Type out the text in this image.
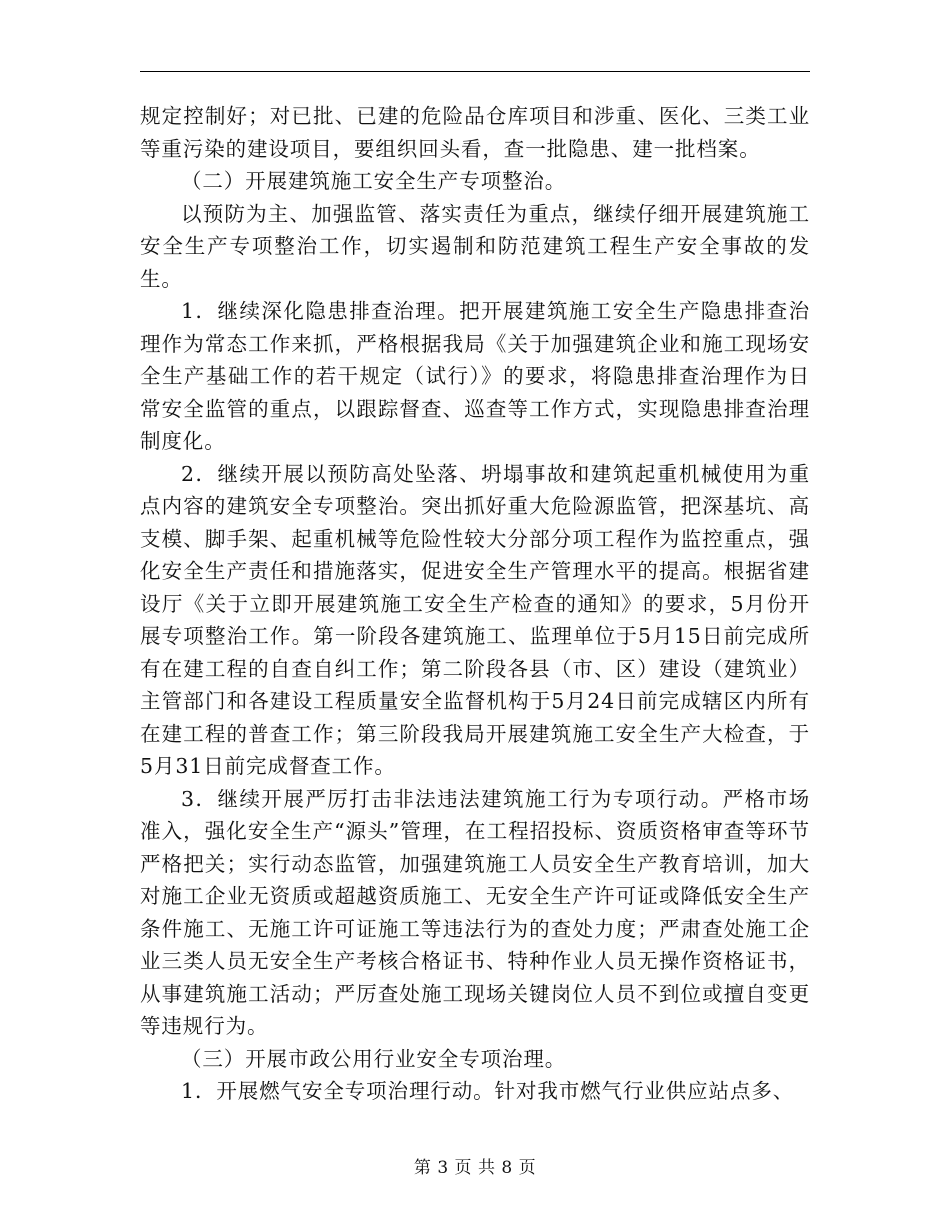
规定控制好；对已批、已建的危险品仓库项目和涉重、医化、三类工业等重污染的建设项目，要组织回头看，查一批隐患、建一批档案。

（二）开展建筑施工安全生产专项整治。

以预防为主、加强监管、落实责任为重点，继续仔细开展建筑施工安全生产专项整治工作，切实遏制和防范建筑工程生产安全事故的发生。

1．继续深化隐患排查治理。把开展建筑施工安全生产隐患排查治理作为常态工作来抓，严格根据我局《关于加强建筑企业和施工现场安全生产基础工作的若干规定（试行）》的要求，将隐患排查治理作为日常安全监管的重点，以跟踪督查、巡查等工作方式，实现隐患排查治理制度化。

2．继续开展以预防高处坠落、坍塌事故和建筑起重机械使用为重点内容的建筑安全专项整治。突出抓好重大危险源监管，把深基坑、高支模、脚手架、起重机械等危险性较大分部分项工程作为监控重点，强化安全生产责任和措施落实，促进安全生产管理水平的提高。根据省建设厅《关于立即开展建筑施工安全生产检查的通知》的要求，5月份开展专项整治工作。第一阶段各建筑施工、监理单位于5月15日前完成所有在建工程的自查自纠工作；第二阶段各县（市、区）建设（建筑业）主管部门和各建设工程质量安全监督机构于5月24日前完成辖区内所有在建工程的普查工作；第三阶段我局开展建筑施工安全生产大检查，于5月31日前完成督查工作。

3．继续开展严厉打击非法违法建筑施工行为专项行动。严格市场准入，强化安全生产“源头”管理，在工程招投标、资质资格审查等环节严格把关；实行动态监管，加强建筑施工人员安全生产教育培训，加大对施工企业无资质或超越资质施工、无安全生产许可证或降低安全生产条件施工、无施工许可证施工等违法行为的查处力度；严肃查处施工企业三类人员无安全生产考核合格证书、特种作业人员无操作资格证书，从事建筑施工活动；严厉查处施工现场关键岗位人员不到位或擅自变更等违规行为。

（三）开展市政公用行业安全专项治理。

1．开展燃气安全专项治理行动。针对我市燃气行业供应站点多、

第 3 页 共 8 页
